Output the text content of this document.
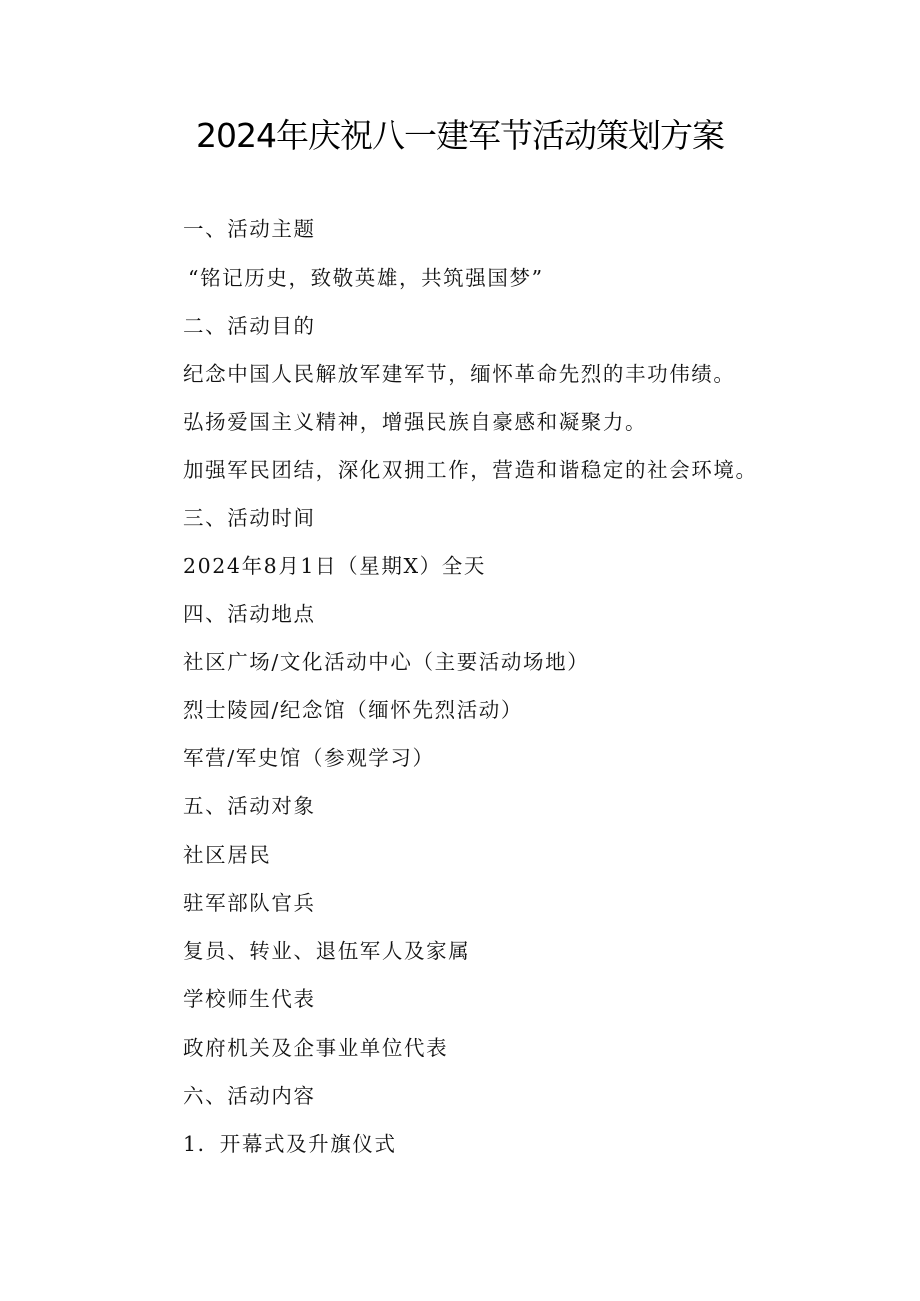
2024年庆祝八一建军节活动策划方案
一、活动主题
“铭记历史，致敬英雄，共筑强国梦”
二、活动目的
纪念中国人民解放军建军节，缅怀革命先烈的丰功伟绩。
弘扬爱国主义精神，增强民族自豪感和凝聚力。
加强军民团结，深化双拥工作，营造和谐稳定的社会环境。
三、活动时间
2024年8月1日（星期X）全天
四、活动地点
社区广场/文化活动中心（主要活动场地）
烈士陵园/纪念馆（缅怀先烈活动）
军营/军史馆（参观学习）
五、活动对象
社区居民
驻军部队官兵
复员、转业、退伍军人及家属
学校师生代表
政府机关及企事业单位代表
六、活动内容
1．开幕式及升旗仪式
